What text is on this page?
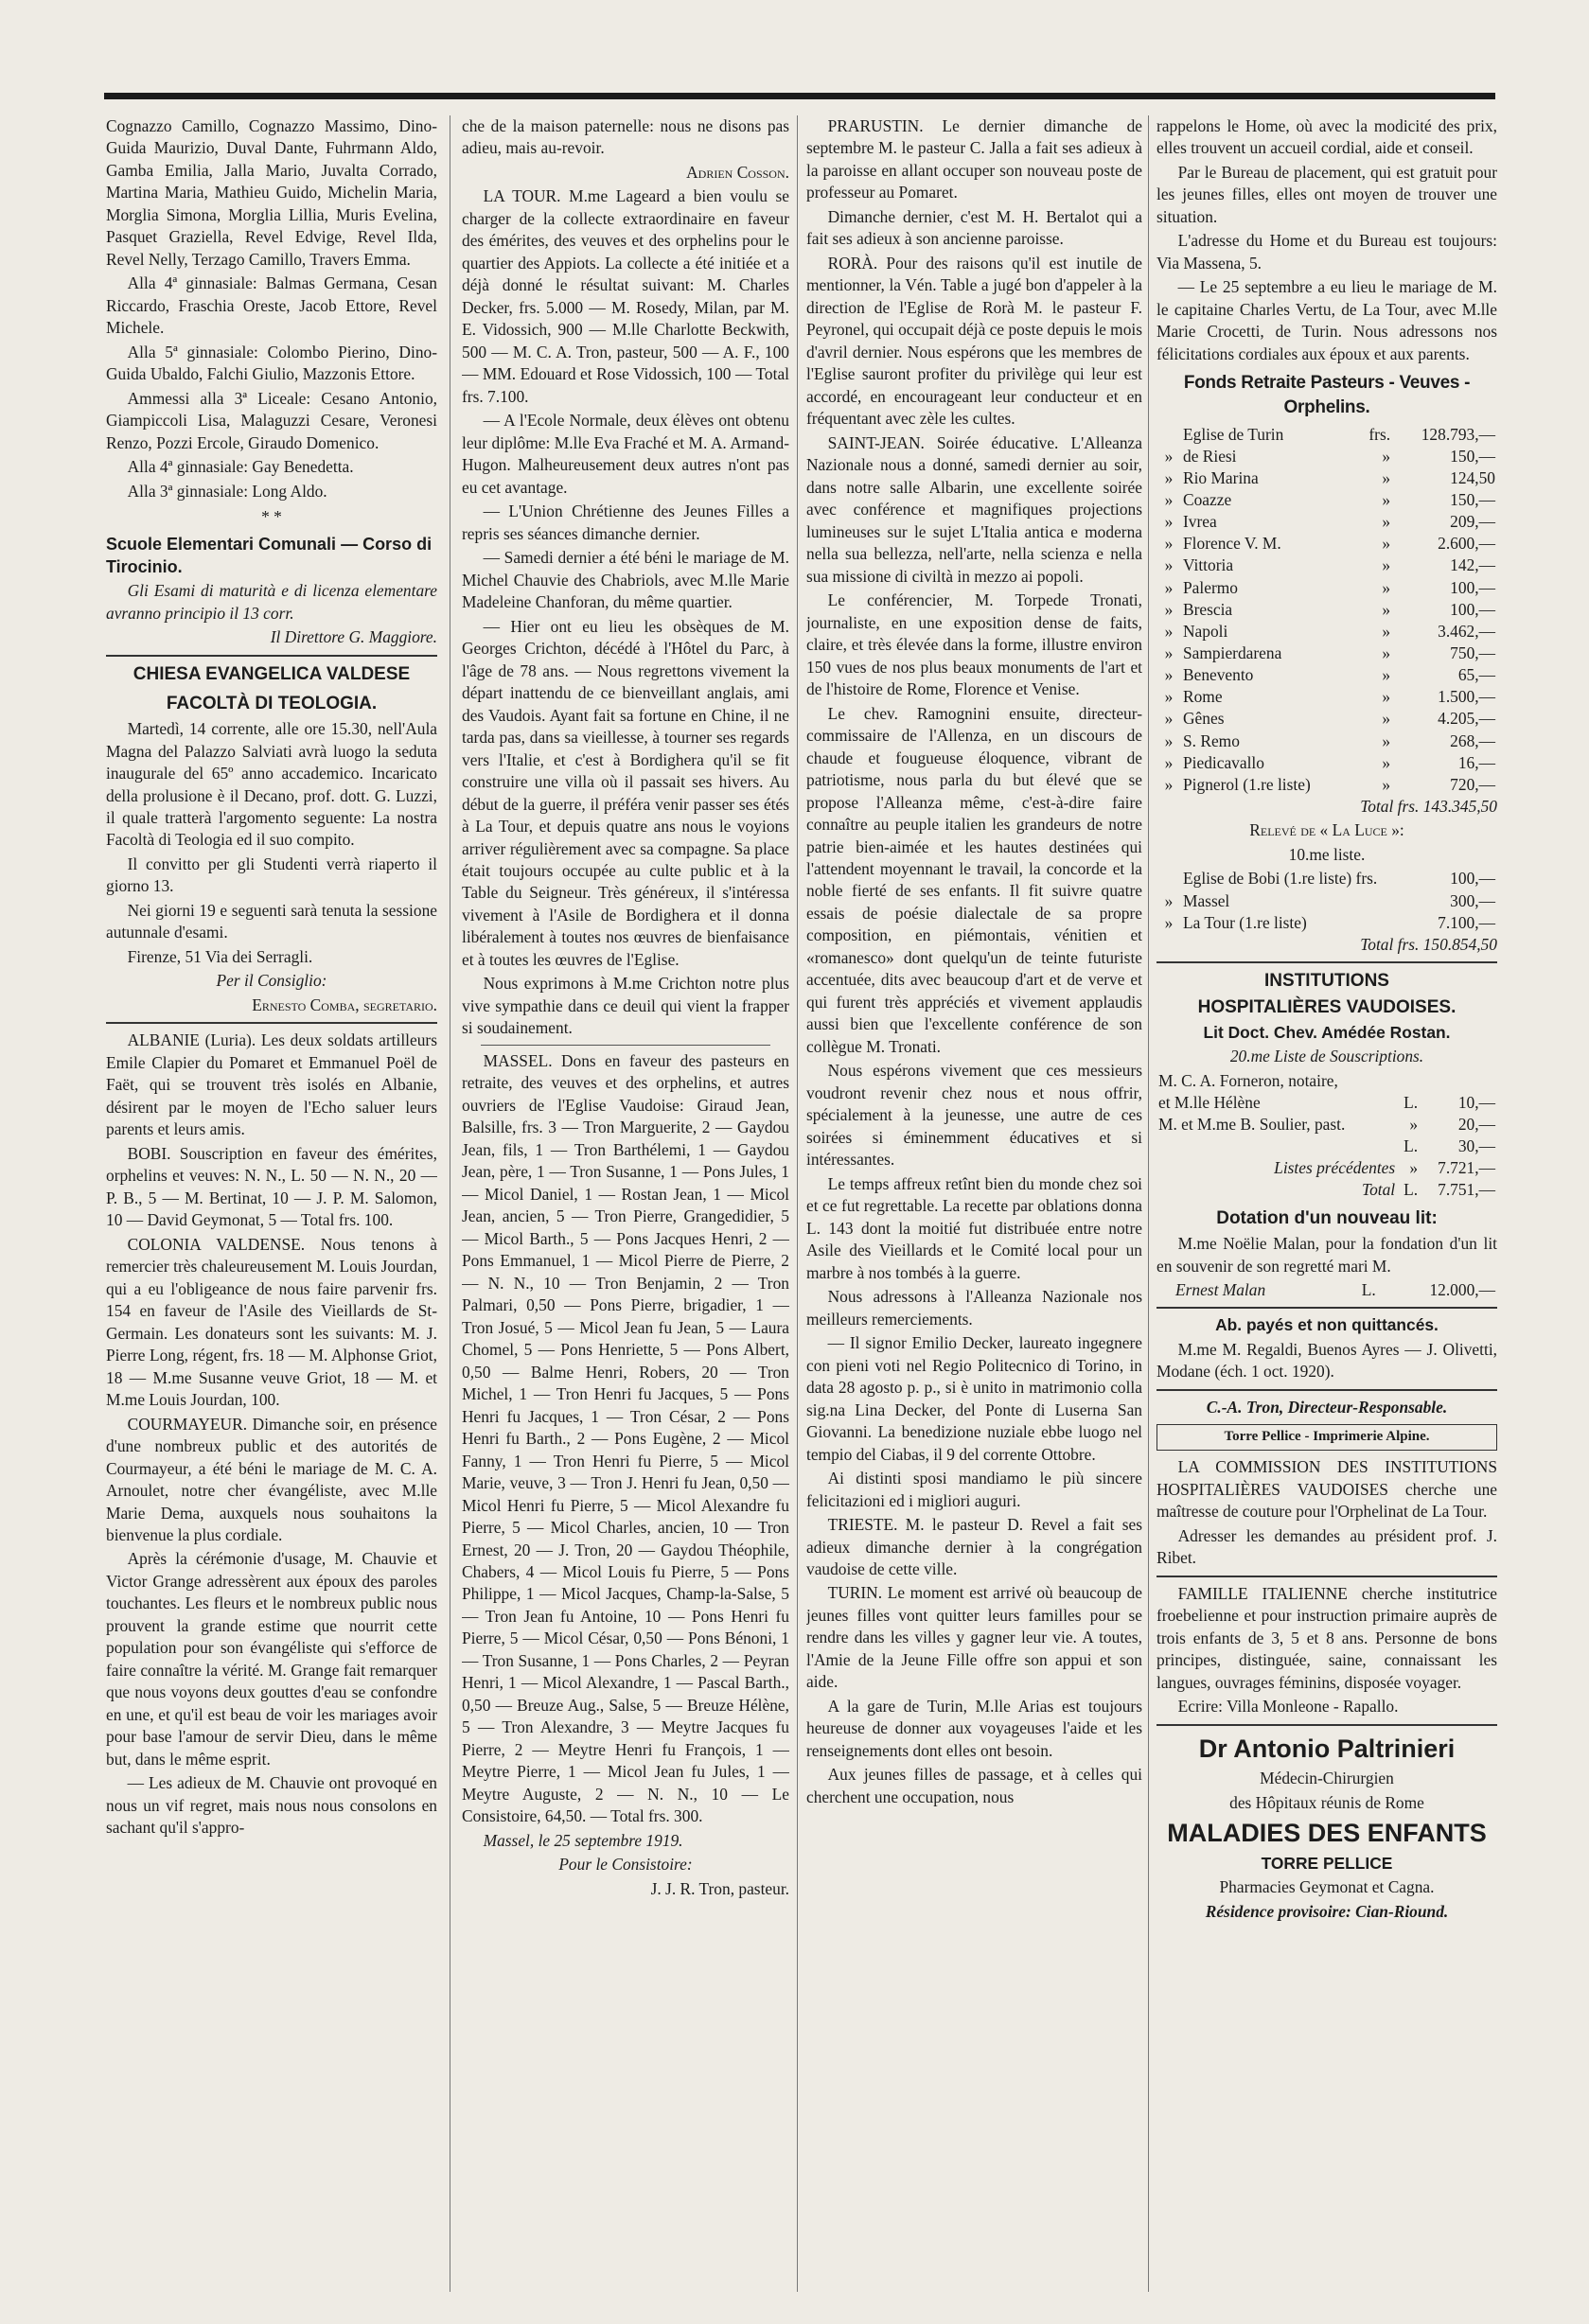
Cognazzo Camillo, Cognazzo Massimo, Dino-Guida Maurizio, Duval Dante, Fuhrmann Aldo, Gamba Emilia, Jalla Mario, Juvalta Corrado, Martina Maria, Mathieu Guido, Michelin Maria, Morglia Simona, Morglia Lillia, Muris Evelina, Pasquet Graziella, Revel Edvige, Revel Ilda, Revel Nelly, Terzago Camillo, Travers Emma.

Alla 4ª ginnasiale: Balmas Germana, Cesan Riccardo, Fraschia Oreste, Jacob Ettore, Revel Michele.

Alla 5ª ginnasiale: Colombo Pierino, Dino-Guida Ubaldo, Falchi Giulio, Mazzonis Ettore.

Ammessi alla 3ª Liceale: Cesano Antonio, Giampiccoli Lisa, Malaguzzi Cesare, Veronesi Renzo, Pozzi Ercole, Giraudo Domenico.

Alla 4ª ginnasiale: Gay Benedetta.

Alla 3ª ginnasiale: Long Aldo.

* *

Scuole Elementari Comunali — Corso di Tirocinio.

Gli Esami di maturità e di licenza elementare avranno principio il 13 corr.

Il Direttore G. Maggiore.

CHIESA EVANGELICA VALDESE

FACOLTÀ DI TEOLOGIA.

Martedì, 14 corrente, alle ore 15.30, nell'Aula Magna del Palazzo Salviati avrà luogo la seduta inaugurale del 65º anno accademico. Incaricato della prolusione è il Decano, prof. dott. G. Luzzi, il quale tratterà l'argomento seguente: La nostra Facoltà di Teologia ed il suo compito.

Il convitto per gli Studenti verrà riaperto il giorno 13.

Nei giorni 19 e seguenti sarà tenuta la sessione autunnale d'esami.

Firenze, 51 Via dei Serragli.

Per il Consiglio:

Ernesto Comba, segretario.

ALBANIE (Luria). Les deux soldats artilleurs Emile Clapier du Pomaret et Emmanuel Poël de Faët, qui se trouvent très isolés en Albanie, désirent par le moyen de l'Echo saluer leurs parents et leurs amis.

BOBI. Souscription en faveur des émérites, orphelins et veuves: N. N., L. 50 — N. N., 20 — P. B., 5 — M. Bertinat, 10 — J. P. M. Salomon, 10 — David Geymonat, 5 — Total frs. 100.

COLONIA VALDENSE. Nous tenons à remercier très chaleureusement M. Louis Jourdan, qui a eu l'obligeance de nous faire parvenir frs. 154 en faveur de l'Asile des Vieillards de St-Germain. Les donateurs sont les suivants: M. J. Pierre Long, régent, frs. 18 — M. Alphonse Griot, 18 — M.me Susanne veuve Griot, 18 — M. et M.me Louis Jourdan, 100.

COURMAYEUR. Dimanche soir, en présence d'une nombreux public et des autorités de Courmayeur, a été béni le mariage de M. C. A. Arnoulet, notre cher évangéliste, avec M.lle Marie Dema, auxquels nous souhaitons la bienvenue la plus cordiale.

Après la cérémonie d'usage, M. Chauvie et Victor Grange adressèrent aux époux des paroles touchantes. Les fleurs et le nombreux public nous prouvent la grande estime que nourrit cette population pour son évangéliste qui s'efforce de faire connaître la vérité. M. Grange fait remarquer que nous voyons deux gouttes d'eau se confondre en une, et qu'il est beau de voir les mariages avoir pour base l'amour de servir Dieu, dans le même but, dans le même esprit.

— Les adieux de M. Chauvie ont provoqué en nous un vif regret, mais nous nous consolons en sachant qu'il s'appro-

che de la maison paternelle: nous ne disons pas adieu, mais au-revoir.

Adrien Cosson.

LA TOUR. M.me Lageard a bien voulu se charger de la collecte extraordinaire en faveur des émérites, des veuves et des orphelins pour le quartier des Appiots. La collecte a été initiée et a déjà donné le résultat suivant: M. Charles Decker, frs. 5.000 — M. Rosedy, Milan, par M. E. Vidossich, 900 — M.lle Charlotte Beckwith, 500 — M. C. A. Tron, pasteur, 500 — A. F., 100 — MM. Edouard et Rose Vidossich, 100 — Total frs. 7.100.

— A l'Ecole Normale, deux élèves ont obtenu leur diplôme: M.lle Eva Fraché et M. A. Armand-Hugon. Malheureusement deux autres n'ont pas eu cet avantage.

— L'Union Chrétienne des Jeunes Filles a repris ses séances dimanche dernier.

— Samedi dernier a été béni le mariage de M. Michel Chauvie des Chabriols, avec M.lle Marie Madeleine Chanforan, du même quartier.

— Hier ont eu lieu les obsèques de M. Georges Crichton, décédé à l'Hôtel du Parc, à l'âge de 78 ans. — Nous regrettons vivement la départ inattendu de ce bienveillant anglais, ami des Vaudois. Ayant fait sa fortune en Chine, il ne tarda pas, dans sa vieillesse, à tourner ses regards vers l'Italie, et c'est à Bordighera qu'il se fit construire une villa où il passait ses hivers. Au début de la guerre, il préféra venir passer ses étés à La Tour, et depuis quatre ans nous le voyions arriver régulièrement avec sa compagne. Sa place était toujours occupée au culte public et à la Table du Seigneur. Très généreux, il s'intéressa vivement à l'Asile de Bordighera et il donna libéralement à toutes nos œuvres de bienfaisance et à toutes les œuvres de l'Eglise.

Nous exprimons à M.me Crichton notre plus vive sympathie dans ce deuil qui vient la frapper si soudainement.

MASSEL. Dons en faveur des pasteurs en retraite, des veuves et des orphelins, et autres ouvriers de l'Eglise Vaudoise: Giraud Jean, Balsille, frs. 3 — Tron Marguerite, 2 — Gaydou Jean, fils, 1 — Tron Barthélemi, 1 — Gaydou Jean, père, 1 — Tron Susanne, 1 — Pons Jules, 1 — Micol Daniel, 1 — Rostan Jean, 1 — Micol Jean, ancien, 5 — Tron Pierre, Grangedidier, 5 — Micol Barth., 5 — Pons Jacques Henri, 2 — Pons Emmanuel, 1 — Micol Pierre de Pierre, 2 — N. N., 10 — Tron Benjamin, 2 — Tron Palmari, 0,50 — Pons Pierre, brigadier, 1 — Tron Josué, 5 — Micol Jean fu Jean, 5 — Laura Chomel, 5 — Pons Henriette, 5 — Pons Albert, 0,50 — Balme Henri, Robers, 20 — Tron Michel, 1 — Tron Henri fu Jacques, 5 — Pons Henri fu Jacques, 1 — Tron César, 2 — Pons Henri fu Barth., 2 — Pons Eugène, 2 — Micol Fanny, 1 — Tron Henri fu Pierre, 5 — Micol Marie, veuve, 3 — Tron J. Henri fu Jean, 0,50 — Micol Henri fu Pierre, 5 — Micol Alexandre fu Pierre, 5 — Micol Charles, ancien, 10 — Tron Ernest, 20 — J. Tron, 20 — Gaydou Théophile, Chabers, 4 — Micol Louis fu Pierre, 5 — Pons Philippe, 1 — Micol Jacques, Champ-la-Salse, 5 — Tron Jean fu Antoine, 10 — Pons Henri fu Pierre, 5 — Micol César, 0,50 — Pons Bénoni, 1 — Tron Susanne, 1 — Pons Charles, 2 — Peyran Henri, 1 — Micol Alexandre, 1 — Pascal Barth., 0,50 — Breuze Aug., Salse, 5 — Breuze Hélène, 5 — Tron Alexandre, 3 — Meytre Jacques fu Pierre, 2 — Meytre Henri fu François, 1 — Meytre Pierre, 1 — Micol Jean fu Jules, 1 — Meytre Auguste, 2 — N. N., 10 — Le Consistoire, 64,50. — Total frs. 300.

Massel, le 25 septembre 1919.

Pour le Consistoire:

J. J. R. Tron, pasteur.

PRARUSTIN. Le dernier dimanche de septembre M. le pasteur C. Jalla a fait ses adieux à la paroisse en allant occuper son nouveau poste de professeur au Pomaret.

Dimanche dernier, c'est M. H. Bertalot qui a fait ses adieux à son ancienne paroisse.

RORÀ. Pour des raisons qu'il est inutile de mentionner, la Vén. Table a jugé bon d'appeler à la direction de l'Eglise de Rorà M. le pasteur F. Peyronel, qui occupait déjà ce poste depuis le mois d'avril dernier. Nous espérons que les membres de l'Eglise sauront profiter du privilège qui leur est accordé, en encourageant leur conducteur et en fréquentant avec zèle les cultes.

SAINT-JEAN. Soirée éducative. L'Alleanza Nazionale nous a donné, samedi dernier au soir, dans notre salle Albarin, une excellente soirée avec conférence et magnifiques projections lumineuses sur le sujet L'Italia antica e moderna nella sua bellezza, nell'arte, nella scienza e nella sua missione di civiltà in mezzo ai popoli.

Le conférencier, M. Torpede Tronati, journaliste, en une exposition dense de faits, claire, et très élevée dans la forme, illustre environ 150 vues de nos plus beaux monuments de l'art et de l'histoire de Rome, Florence et Venise.

Le chev. Ramognini ensuite, directeur-commissaire de l'Allenza, en un discours de chaude et fougueuse éloquence, vibrant de patriotisme, nous parla du but élevé que se propose l'Alleanza même, c'est-à-dire faire connaître au peuple italien les grandeurs de notre patrie bien-aimée et les hautes destinées qui l'attendent moyennant le travail, la concorde et la noble fierté de ses enfants. Il fit suivre quatre essais de poésie dialectale de sa propre composition, en piémontais, vénitien et «romanesco» dont quelqu'un de teinte futuriste accentuée, dits avec beaucoup d'art et de verve et qui furent très appréciés et vivement applaudis aussi bien que l'excellente conférence de son collègue M. Tronati.

Nous espérons vivement que ces messieurs voudront revenir chez nous et nous offrir, spécialement à la jeunesse, une autre de ces soirées si éminemment éducatives et si intéressantes.

Le temps affreux retînt bien du monde chez soi et ce fut regrettable. La recette par oblations donna L. 143 dont la moitié fut distribuée entre notre Asile des Vieillards et le Comité local pour un marbre à nos tombés à la guerre.

Nous adressons à l'Alleanza Nazionale nos meilleurs remerciements.

— Il signor Emilio Decker, laureato ingegnere con pieni voti nel Regio Politecnico di Torino, in data 28 agosto p. p., si è unito in matrimonio colla sig.na Lina Decker, del Ponte di Luserna San Giovanni. La benedizione nuziale ebbe luogo nel tempio del Ciabas, il 9 del corrente Ottobre.

Ai distinti sposi mandiamo le più sincere felicitazioni ed i migliori auguri.

TRIESTE. M. le pasteur D. Revel a fait ses adieux dimanche dernier à la congrégation vaudoise de cette ville.

TURIN. Le moment est arrivé où beaucoup de jeunes filles vont quitter leurs familles pour se rendre dans les villes y gagner leur vie. A toutes, l'Amie de la Jeune Fille offre son appui et son aide.

A la gare de Turin, M.lle Arias est toujours heureuse de donner aux voyageuses l'aide et les renseignements dont elles ont besoin.

Aux jeunes filles de passage, et à celles qui cherchent une occupation, nous

rappelons le Home, où avec la modicité des prix, elles trouvent un accueil cordial, aide et conseil.

Par le Bureau de placement, qui est gratuit pour les jeunes filles, elles ont moyen de trouver une situation.

L'adresse du Home et du Bureau est toujours: Via Massena, 5.

— Le 25 septembre a eu lieu le mariage de M. le capitaine Charles Vertu, de La Tour, avec M.lle Marie Crocetti, de Turin. Nous adressons nos félicitations cordiales aux époux et aux parents.

Fonds Retraite Pasteurs - Veuves - Orphelins.

	Eglise de Turin	frs.	128.793,—
»	de Riesi	»	150,—
»	Rio Marina	»	124,50
»	Coazze	»	150,—
»	Ivrea	»	209,—
»	Florence V. M.	»	2.600,—
»	Vittoria	»	142,—
»	Palermo	»	100,—
»	Brescia	»	100,—
»	Napoli	»	3.462,—
»	Sampierdarena	»	750,—
»	Benevento	»	65,—
»	Rome	»	1.500,—
»	Gênes	»	4.205,—
»	S. Remo	»	268,—
»	Piedicavallo	»	16,—
»	Pignerol (1.re liste)	»	720,—

Total frs. 143.345,50

Relevé de « La Luce »:

10.me liste.

	Eglise de Bobi (1.re liste) frs.	100,—
»	Massel	300,—
»	La Tour (1.re liste)	7.100,—

Total frs. 150.854,50

INSTITUTIONS

HOSPITALIÈRES VAUDOISES.

Lit Doct. Chev. Amédée Rostan.

20.me Liste de Souscriptions.

M. C. A. Forneron, notaire,		
et M.lle Hélène	L.	10,—
M. et M.me B. Soulier, past.	»	20,—
	L.	30,—
Listes précédentes	»	7.721,—
Total	L.	7.751,—

Dotation d'un nouveau lit:

M.me Noëlie Malan, pour la fondation d'un lit en souvenir de son regretté mari M.

Ernest Malan	L.	12.000,—

Ab. payés et non quittancés.

M.me M. Regaldi, Buenos Ayres — J. Olivetti, Modane (éch. 1 oct. 1920).

C.-A. Tron, Directeur-Responsable.

Torre Pellice - Imprimerie Alpine.

LA COMMISSION DES INSTITUTIONS HOSPITALIÈRES VAUDOISES cherche une maîtresse de couture pour l'Orphelinat de La Tour.

Adresser les demandes au président prof. J. Ribet.

FAMILLE ITALIENNE cherche institutrice froebelienne et pour instruction primaire auprès de trois enfants de 3, 5 et 8 ans. Personne de bons principes, distinguée, saine, connaissant les langues, ouvrages féminins, disposée voyager.

Ecrire: Villa Monleone - Rapallo.

Dr Antonio Paltrinieri

Médecin-Chirurgien

des Hôpitaux réunis de Rome

MALADIES DES ENFANTS

TORRE PELLICE

Pharmacies Geymonat et Cagna.

Résidence provisoire: Cian-Riound.
